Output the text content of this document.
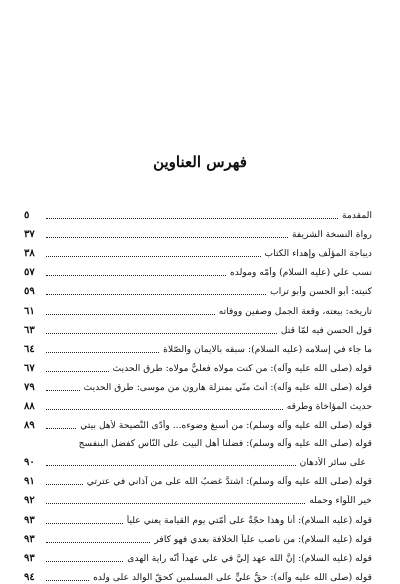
فهرس العناوين
المقدمة
٥
رواة النسخة الشريفة
٣٧
ديباجة المؤلِّف وإهداء الكتاب
٣٨
نسب علي (عليه السلام) وأُمّه ومولده
٥٧
كنيته: أبو الحسن وأبو تراب
٥٩
تاريخه: بيعته، وقعة الجمل وصفين ووفاته
٦١
قول الحسن فيه لمّا قتل
٦٣
ما جاء في إسلامه (عليه السلام): سبقه بالايمان والصّلاة
٦٤
قوله (صلى الله عليه وآله): من كنت مولاه فعليٌّ مولاه: طرق الحديث
٦٧
قوله (صلى الله عليه وآله): أنتَ منّي بمنزلة هارون من موسى: طرق الحديث
٧٩
حديث المؤاخاة وطرقه
٨٨
قوله (صلى الله عليه وآله وسلم): من أسبغ وضوءه... وأدّى النُّصيحة لأهل بيتي
٨٩
قوله (صلى الله عليه وآله وسلم): فضلنا أهل البيت على النّاس كفضل البنفسج
على سائر الأدهان
٩٠
قوله (صلى الله عليه وآله وسلم): اشتدَّ غضبُ الله على من آذاني في عترتي
٩١
خير اللّواء وحمله
٩٢
قوله (عليه السلام): أنا وهذا حجّةٌ على أُمّتي يوم القيامة يعني علياً
٩٣
قوله (عليه السلام): من ناصب علياً الخلافة بعدي فهو كافر
٩٣
قوله (عليه السلام): إنَّ الله عهد إليَّ في علي عهداً أنّه راية الهدى
٩٣
قوله (صلى الله عليه وآله): حقُّ عليٍّ على المسلمين كحقّ الوالد على ولده
٩٤
